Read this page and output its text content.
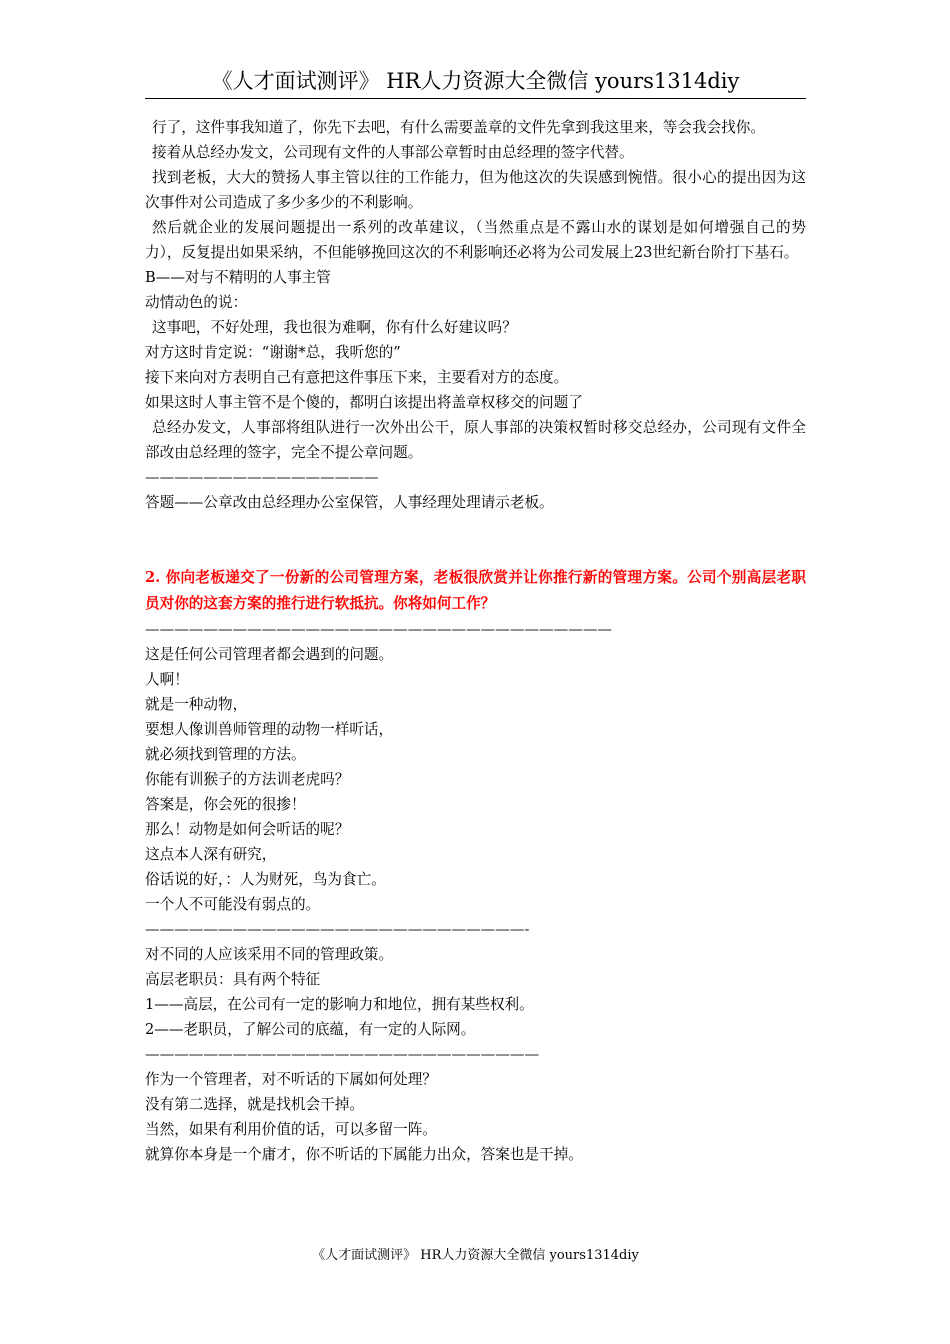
《人才面试测评》 HR人力资源大全微信 yours1314diy

行了，这件事我知道了，你先下去吧，有什么需要盖章的文件先拿到我这里来，等会我会找你。

接着从总经办发文，公司现有文件的人事部公章暂时由总经理的签字代替。

找到老板，大大的赞扬人事主管以往的工作能力，但为他这次的失误感到惋惜。很小心的提出因为这次事件对公司造成了多少多少的不利影响。

然后就企业的发展问题提出一系列的改革建议，（当然重点是不露山水的谋划是如何增强自己的势力），反复提出如果采纳，不但能够挽回这次的不利影响还必将为公司发展上23世纪新台阶打下基石。

B——对与不精明的人事主管

动情动色的说：

这事吧，不好处理，我也很为难啊，你有什么好建议吗？

对方这时肯定说：“谢谢*总，我听您的”

接下来向对方表明自己有意把这件事压下来，主要看对方的态度。

如果这时人事主管不是个傻的，都明白该提出将盖章权移交的问题了

总经办发文，人事部将组队进行一次外出公干，原人事部的决策权暂时移交总经办，公司现有文件全部改由总经理的签字，完全不提公章问题。

————————————————

答题——公章改由总经理办公室保管，人事经理处理请示老板。

2. 你向老板递交了一份新的公司管理方案，老板很欣赏并让你推行新的管理方案。公司个别高层老职员对你的这套方案的推行进行软抵抗。你将如何工作？

————————————————————————————————

这是任何公司管理者都会遇到的问题。

人啊！

就是一种动物，

要想人像训兽师管理的动物一样听话，

就必须找到管理的方法。

你能有训猴子的方法训老虎吗？

答案是，你会死的很掺！

那么！动物是如何会听话的呢？

这点本人深有研究，

俗话说的好，：人为财死，鸟为食亡。

一个人不可能没有弱点的。

——————————————————————————-

对不同的人应该采用不同的管理政策。

高层老职员：具有两个特征

1——高层，在公司有一定的影响力和地位，拥有某些权利。

2——老职员，了解公司的底蕴，有一定的人际网。

———————————————————————————

作为一个管理者，对不听话的下属如何处理？

没有第二选择，就是找机会干掉。

当然，如果有利用价值的话，可以多留一阵。

就算你本身是一个庸才，你不听话的下属能力出众，答案也是干掉。

《人才面试测评》 HR人力资源大全微信 yours1314diy
